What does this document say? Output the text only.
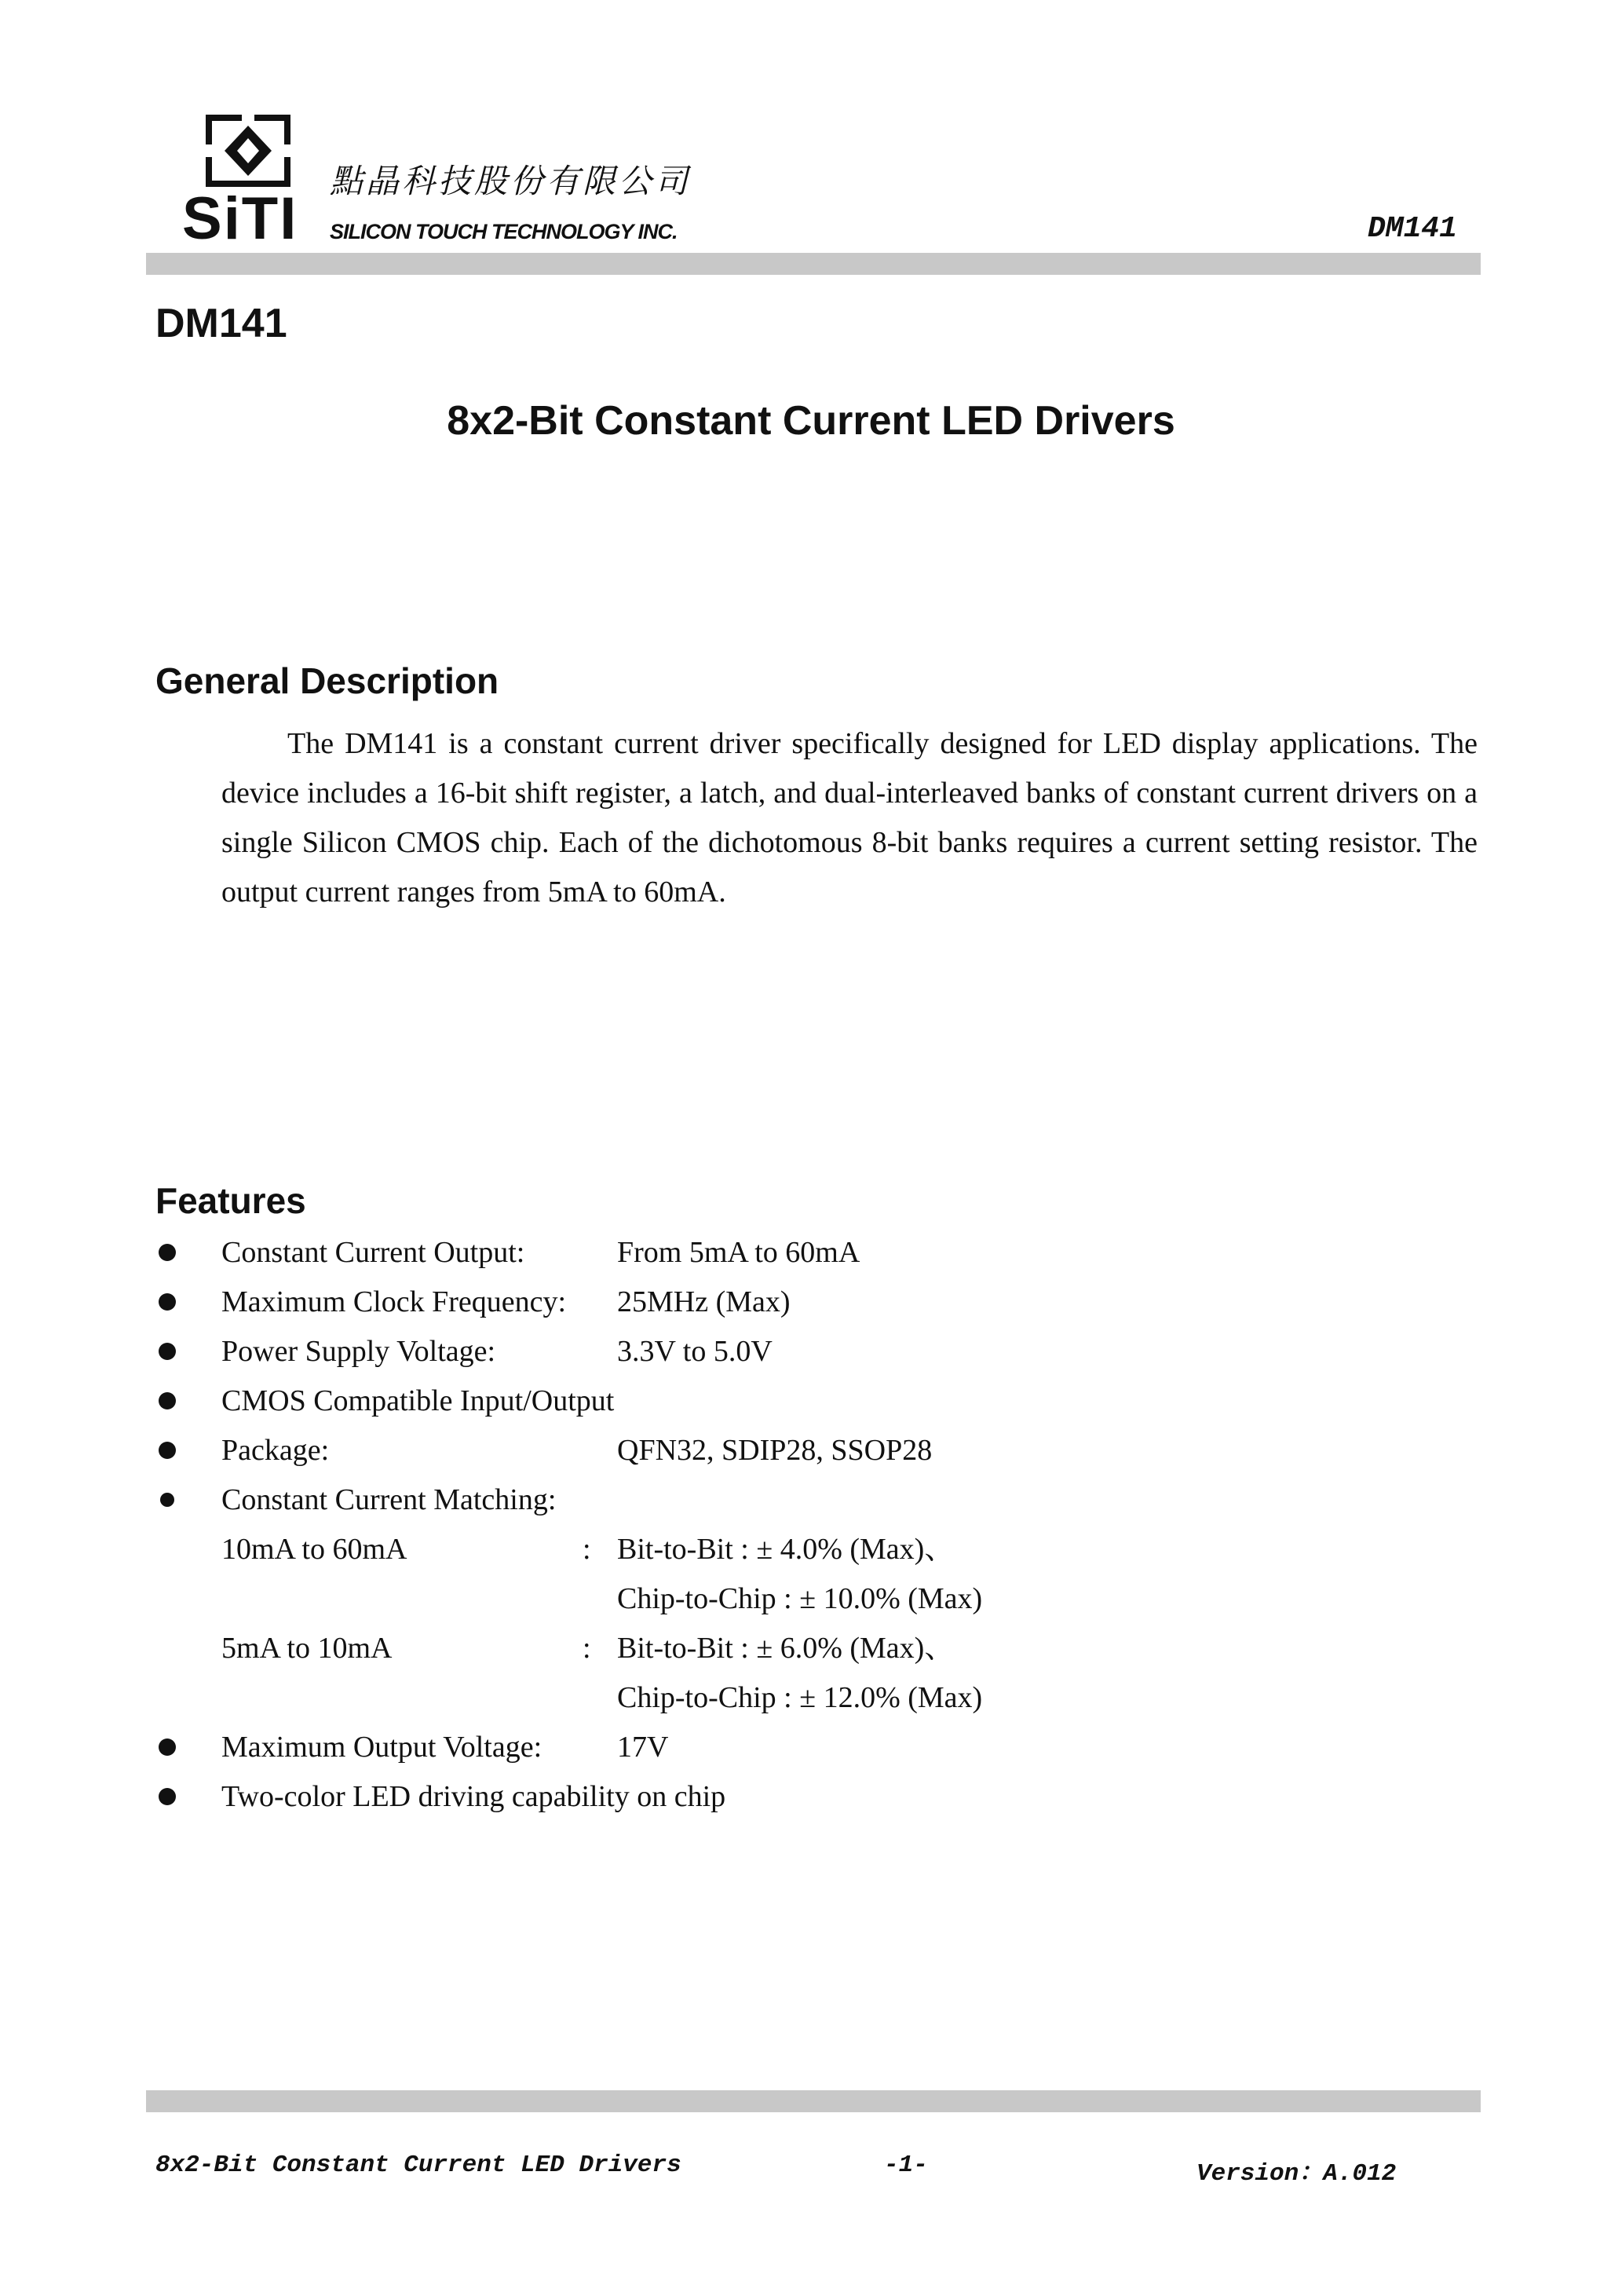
SiTI
點晶科技股份有限公司
SILICON TOUCH TECHNOLOGY INC.	DM141
DM141
8x2-Bit Constant Current LED Drivers
General Description
The DM141 is a constant current driver specifically designed for LED display applications. The device includes a 16-bit shift register, a latch, and dual-interleaved banks of constant current drivers on a single Silicon CMOS chip. Each of the dichotomous 8-bit banks requires a current setting resistor. The output current ranges from 5mA to 60mA.
Features
Constant Current Output:	From 5mA to 60mA
Maximum Clock Frequency: 25MHz (Max)
Power Supply Voltage:	3.3V to 5.0V
CMOS Compatible Input/Output
Package:	QFN32, SDIP28, SSOP28
Constant Current Matching:
10mA to 60mA	: Bit-to-Bit : ± 4.0% (Max)、
Chip-to-Chip : ± 10.0% (Max)
5mA to 10mA	: Bit-to-Bit : ± 6.0% (Max)、
Chip-to-Chip : ± 12.0% (Max)
Maximum Output Voltage:	17V
Two-color LED driving capability on chip
8x2-Bit Constant Current LED Drivers	-1-	Version：A.012
